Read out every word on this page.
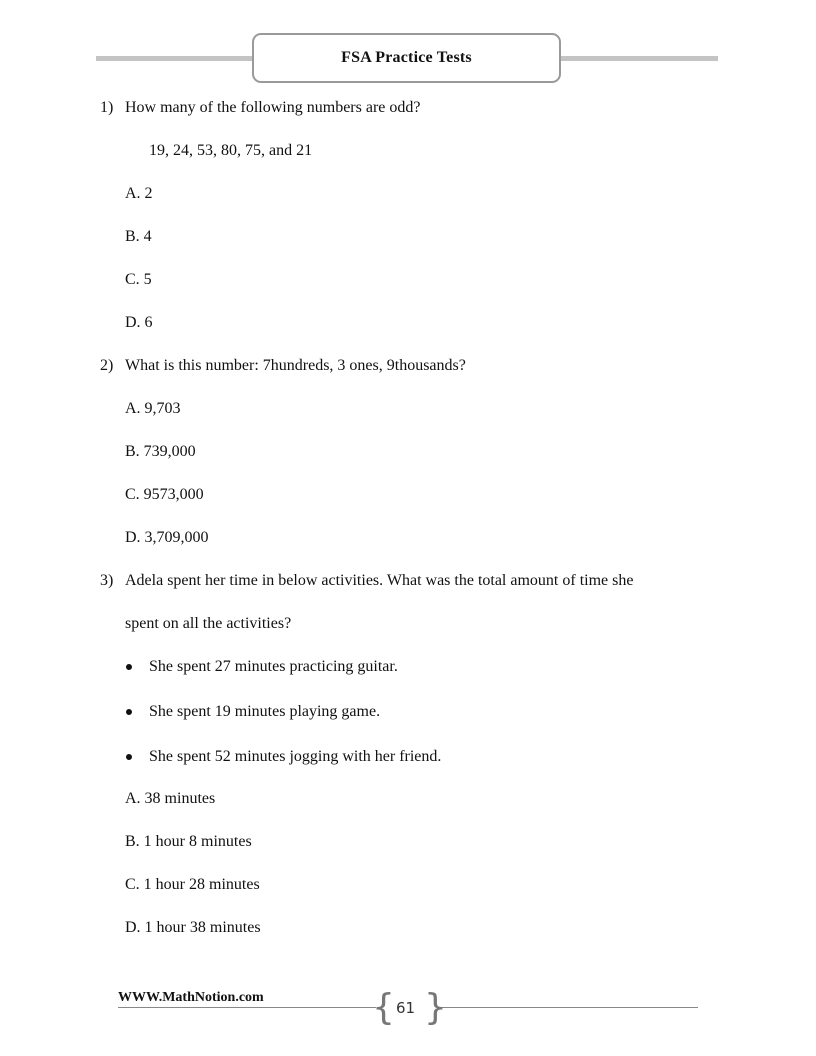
FSA Practice Tests
1) How many of the following numbers are odd?
19, 24, 53, 80, 75, and 21
A. 2
B. 4
C. 5
D. 6
2) What is this number: 7hundreds, 3 ones, 9thousands?
A. 9,703
B. 739,000
C. 9573,000
D. 3,709,000
3) Adela spent her time in below activities. What was the total amount of time she
spent on all the activities?
She spent 27 minutes practicing guitar.
She spent 19 minutes playing game.
She spent 52 minutes jogging with her friend.
A. 38 minutes
B. 1 hour 8 minutes
C. 1 hour 28 minutes
D. 1 hour 38 minutes
WWW.MathNotion.com	{ }
61
